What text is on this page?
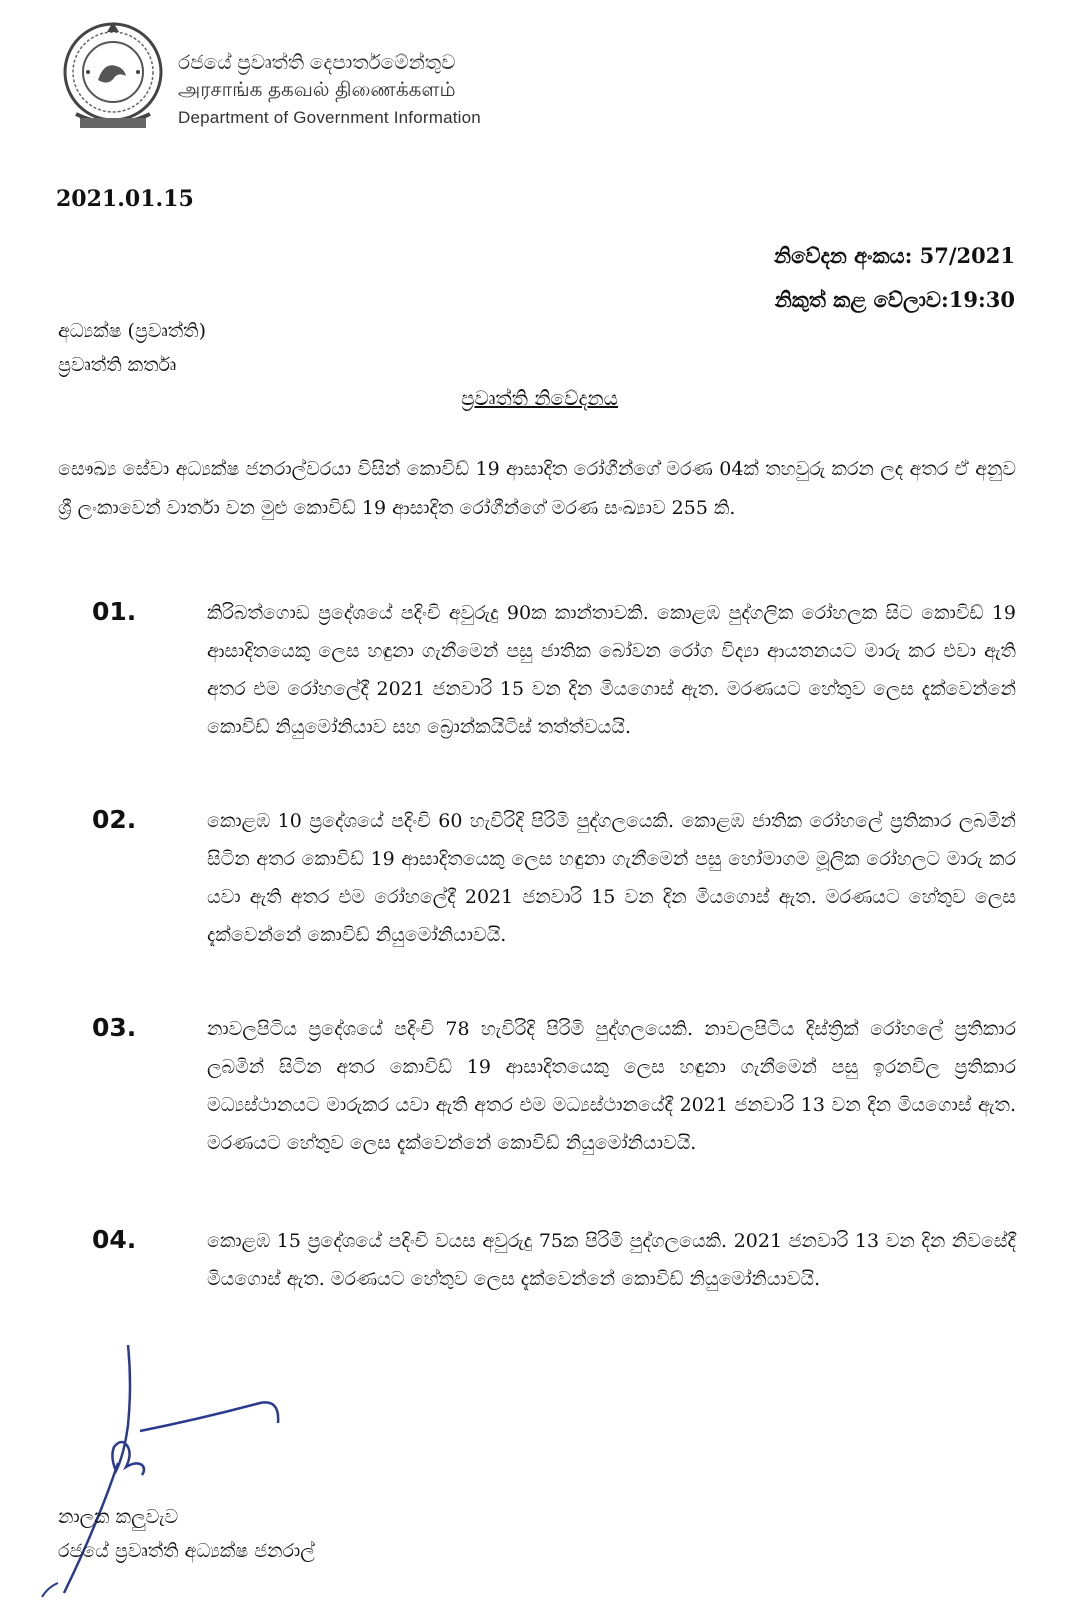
රජයේ ප්‍රවෘත්ති දෙපාර්තමේන්තුව
அரசாங்க தகவல் திணைக்களம்
Department of Government Information
2021.01.15
නිවේදන අංකය: 57/2021
නිකුත් කළ වේලාව:19:30
අධ්‍යක්ෂ (ප්‍රවෘත්ති)
ප්‍රවෘත්ති කර්තෘ
ප්‍රවෘත්ති නිවේදනය
සෞඛ්‍ය සේවා අධ්‍යක්ෂ ජනරාල්වරයා විසින් කොවිඩ් 19 ආසාදිත රෝගීන්ගේ මරණ 04ක් තහවුරු කරන ලද අතර ඒ අනුව ශ්‍රී ලංකාවෙන් වාර්තා වන මුළු කොවිඩ් 19 ආසාදිත රෝගීන්ගේ මරණ සංඛ්‍යාව 255 කි.
01.	කිරිබත්ගොඩ ප්‍රදේශයේ පදිංචි අවුරුදු 90ක කාන්තාවකි. කොළඹ පුද්ගලික රෝහලක සිට කොවිඩ් 19 ආසාදිතයෙකු ලෙස හඳුනා ගැනීමෙන් පසු ජාතික බෝවන රෝග විද්‍යා ආයතනයට මාරු කර එවා ඇති අතර එම රෝහලේදී 2021 ජනවාරි 15 වන දින මියගොස් ඇත. මරණයට හේතුව ලෙස දැක්වෙන්නේ කොවිඩ් නියුමෝනියාව සහ බ්‍රොන්කයිටිස් තත්ත්වයයි.
02.	කොළඹ 10 ප්‍රදේශයේ පදිංචි 60 හැවිරිදි පිරිමි පුද්ගලයෙකි. කොළඹ ජාතික රෝහලේ ප්‍රතිකාර ලබමින් සිටින අතර කොවිඩ් 19 ආසාදිතයෙකු ලෙස හඳුනා ගැනීමෙන් පසු හෝමාගම මූලික රෝහලට මාරු කර යවා ඇති අතර එම රෝහලේදී 2021 ජනවාරි 15 වන දින මියගොස් ඇත. මරණයට හේතුව ලෙස දැක්වෙන්නේ කොවිඩ් නියුමෝනියාවයි.
03.	නාවලපිටිය ප්‍රදේශයේ පදිංචි 78 හැවිරිදි පිරිමි පුද්ගලයෙකි. නාවලපිටිය දිස්ත්‍රික් රෝහලේ ප්‍රතිකාර ලබමින් සිටින අතර කොවිඩ් 19 ආසාදිතයෙකු ලෙස හඳුනා ගැනීමෙන් පසු ඉරනවිල ප්‍රතිකාර මධ්‍යස්ථානයට මාරුකර යවා ඇති අතර එම මධ්‍යස්ථානයේදී 2021 ජනවාරි 13 වන දින මියගොස් ඇත. මරණයට හේතුව ලෙස දැක්වෙන්නේ කොවිඩ් නියුමෝනියාවයි.
04.	කොළඹ 15 ප්‍රදේශයේ පදිංචි වයස අවුරුදු 75ක පිරිමි පුද්ගලයෙකි. 2021 ජනවාරි 13 වන දින නිවසේදී මියගොස් ඇත. මරණයට හේතුව ලෙස දැක්වෙන්නේ කොවිඩ් නියුමෝනියාවයි.
නාලක කලුවැව
රජයේ ප්‍රවෘත්ති අධ්‍යක්ෂ ජනරාල්
